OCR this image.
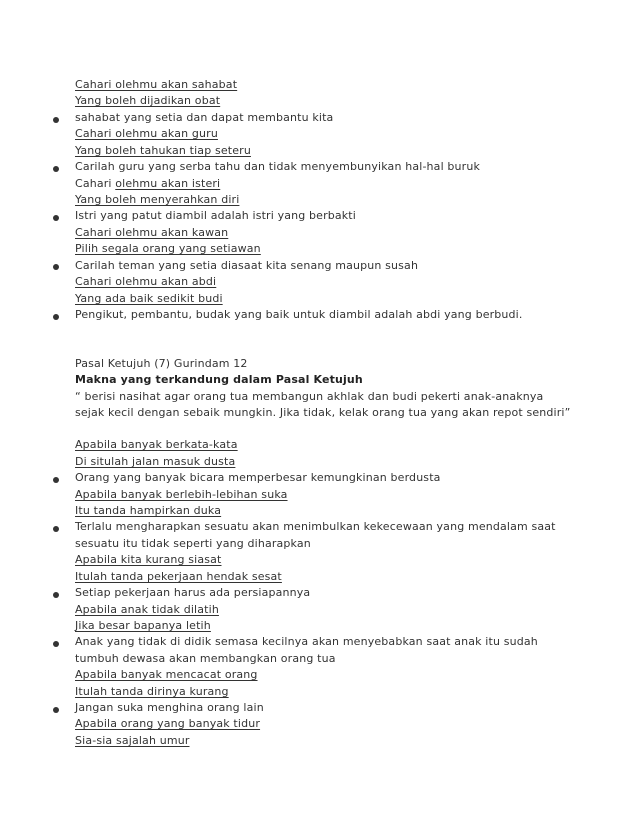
Cahari olehmu akan sahabat
Yang boleh dijadikan obat
sahabat yang setia dan dapat membantu kita
Cahari olehmu akan guru
Yang boleh tahukan tiap seteru
Carilah guru yang serba tahu dan tidak menyembunyikan hal-hal buruk
Cahari olehmu akan isteri
Yang boleh menyerahkan diri
Istri yang patut diambil adalah istri yang berbakti
Cahari olehmu akan kawan
Pilih segala orang yang setiawan
Carilah teman yang setia diasaat kita senang maupun susah
Cahari olehmu akan abdi
Yang ada baik sedikit budi
Pengikut, pembantu, budak yang baik untuk diambil adalah abdi yang berbudi.
Pasal Ketujuh (7) Gurindam 12
Makna yang terkandung dalam Pasal Ketujuh
“ berisi nasihat agar orang tua membangun akhlak dan budi pekerti anak-anaknya
sejak kecil dengan sebaik mungkin. Jika tidak, kelak orang tua yang akan repot sendiri”
Apabila banyak berkata-kata
Di situlah jalan masuk dusta
Orang yang banyak bicara memperbesar kemungkinan berdusta
Apabila banyak berlebih-lebihan suka
Itu tanda hampirkan duka
Terlalu mengharapkan sesuatu akan menimbulkan kekecewaan yang mendalam saat
sesuatu itu tidak seperti yang diharapkan
Apabila kita kurang siasat
Itulah tanda pekerjaan hendak sesat
Setiap pekerjaan harus ada persiapannya
Apabila anak tidak dilatih
Jika besar bapanya letih
Anak yang tidak di didik semasa kecilnya akan menyebabkan saat anak itu sudah
tumbuh dewasa akan membangkan orang tua
Apabila banyak mencacat orang
Itulah tanda dirinya kurang
Jangan suka menghina orang lain
Apabila orang yang banyak tidur
Sia-sia sajalah umur
